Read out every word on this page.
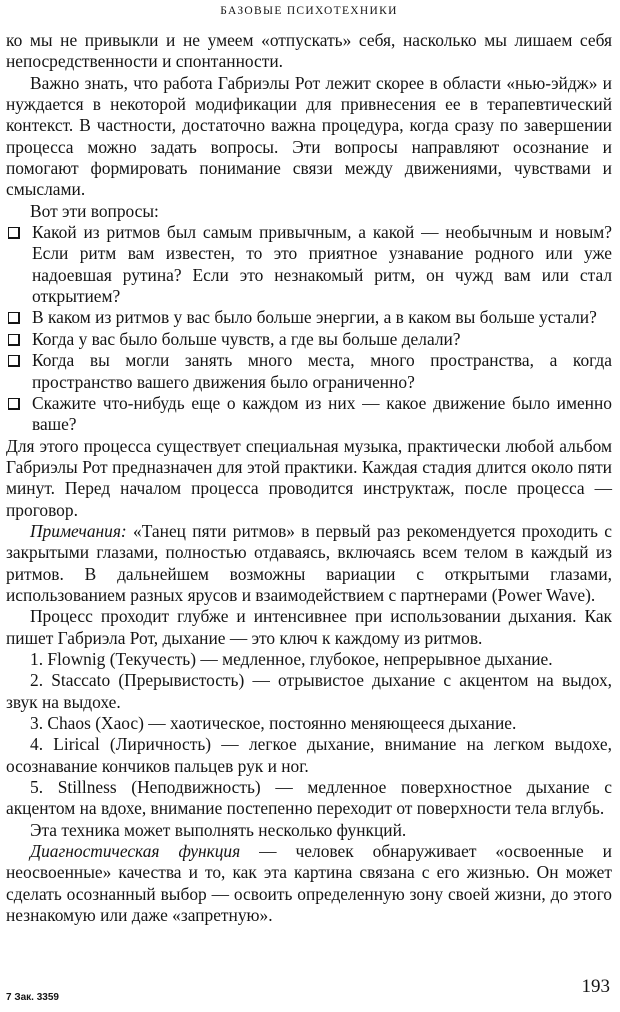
БАЗОВЫЕ ПСИХОТЕХНИКИ

ко мы не привыкли и не умеем «отпускать» себя, насколько мы лишаем себя непосредственности и спонтанности.

Важно знать, что работа Габриэлы Рот лежит скорее в области «нью-эйдж» и нуждается в некоторой модификации для привнесения ее в терапевтический контекст. В частности, достаточно важна процедура, когда сразу по завершении процесса можно задать вопросы. Эти вопросы направляют осознание и помогают формировать понимание связи между движениями, чувствами и смыслами.

Вот эти вопросы:

Какой из ритмов был самым привычным, а какой — необычным и новым? Если ритм вам известен, то это приятное узнавание родного или уже надоевшая рутина? Если это незнакомый ритм, он чужд вам или стал открытием?
В каком из ритмов у вас было больше энергии, а в каком вы больше устали?
Когда у вас было больше чувств, а где вы больше делали?
Когда вы могли занять много места, много пространства, а когда пространство вашего движения было ограниченно?
Скажите что-нибудь еще о каждом из них — какое движение было именно ваше?

Для этого процесса существует специальная музыка, практически любой альбом Габриэлы Рот предназначен для этой практики. Каждая стадия длится около пяти минут. Перед началом процесса проводится инструктаж, после процесса — проговор.

Примечания: «Танец пяти ритмов» в первый раз рекомендуется проходить с закрытыми глазами, полностью отдаваясь, включаясь всем телом в каждый из ритмов. В дальнейшем возможны вариации с открытыми глазами, использованием разных ярусов и взаимодействием с партнерами (Power Wave).

Процесс проходит глубже и интенсивнее при использовании дыхания. Как пишет Габриэла Рот, дыхание — это ключ к каждому из ритмов.

1. Flownig (Текучесть) — медленное, глубокое, непрерывное дыхание.

2. Staccato (Прерывистость) — отрывистое дыхание с акцентом на выдох, звук на выдохе.

3. Chaos (Хаос) — хаотическое, постоянно меняющееся дыхание.

4. Lirical (Лиричность) — легкое дыхание, внимание на легком выдохе, осознавание кончиков пальцев рук и ног.

5. Stillness (Неподвижность) — медленное поверхностное дыхание с акцентом на вдохе, внимание постепенно переходит от поверхности тела вглубь.

Эта техника может выполнять несколько функций.

Диагностическая функция — человек обнаруживает «освоенные и неосвоенные» качества и то, как эта картина связана с его жизнью. Он может сделать осознанный выбор — освоить определенную зону своей жизни, до этого незнакомую или даже «запретную».

193
7 Зак. 3359
